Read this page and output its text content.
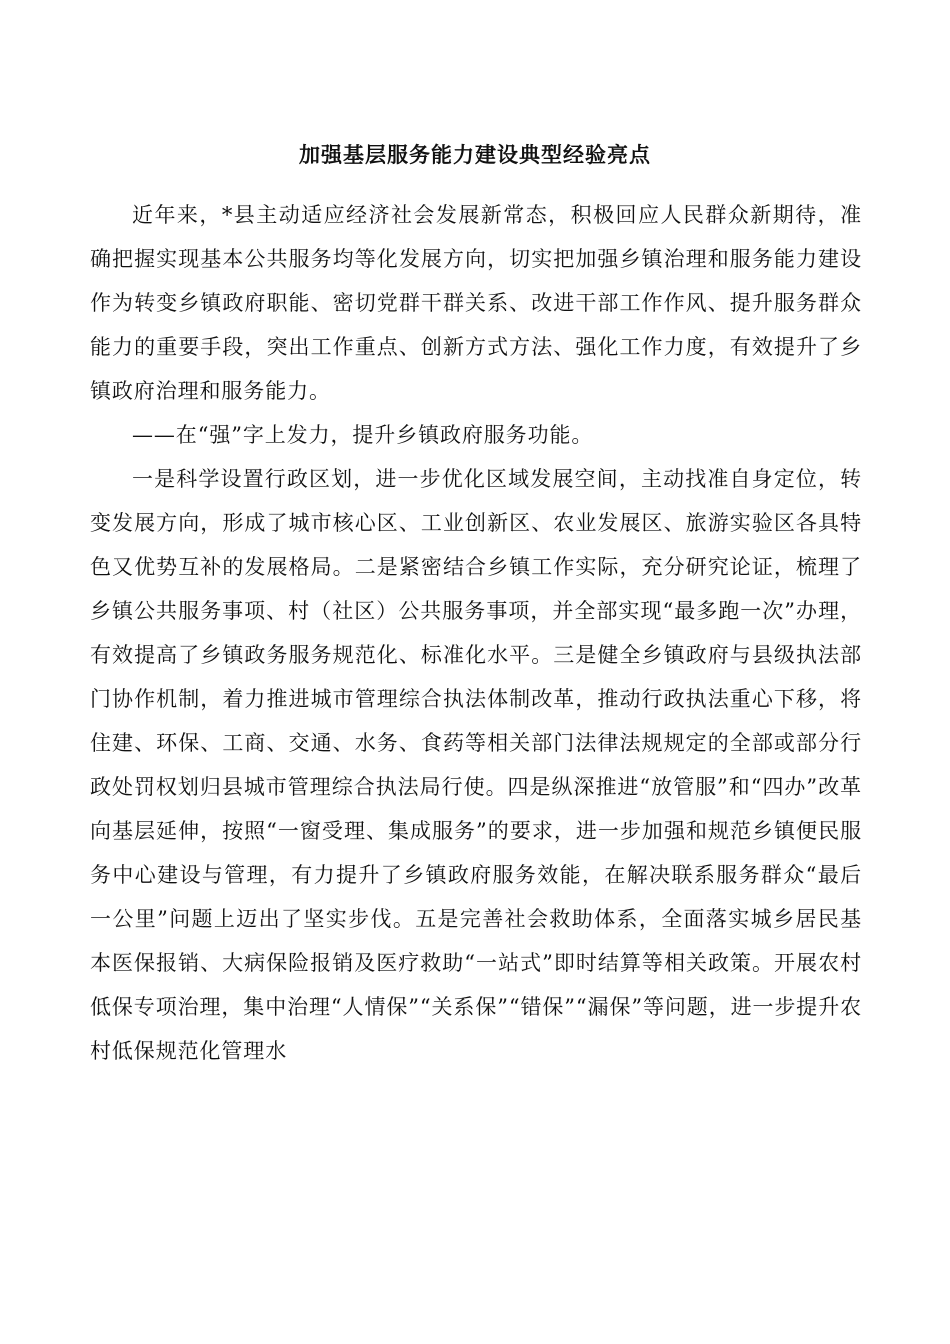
加强基层服务能力建设典型经验亮点

近年来，*县主动适应经济社会发展新常态，积极回应人民群众新期待，准确把握实现基本公共服务均等化发展方向，切实把加强乡镇治理和服务能力建设作为转变乡镇政府职能、密切党群干群关系、改进干部工作作风、提升服务群众能力的重要手段，突出工作重点、创新方式方法、强化工作力度，有效提升了乡镇政府治理和服务能力。

——在“强”字上发力，提升乡镇政府服务功能。

一是科学设置行政区划，进一步优化区域发展空间，主动找准自身定位，转变发展方向，形成了城市核心区、工业创新区、农业发展区、旅游实验区各具特色又优势互补的发展格局。二是紧密结合乡镇工作实际，充分研究论证，梳理了乡镇公共服务事项、村（社区）公共服务事项，并全部实现“最多跑一次”办理，有效提高了乡镇政务服务规范化、标准化水平。三是健全乡镇政府与县级执法部门协作机制，着力推进城市管理综合执法体制改革，推动行政执法重心下移，将住建、环保、工商、交通、水务、食药等相关部门法律法规规定的全部或部分行政处罚权划归县城市管理综合执法局行使。四是纵深推进“放管服”和“四办”改革向基层延伸，按照“一窗受理、集成服务”的要求，进一步加强和规范乡镇便民服务中心建设与管理，有力提升了乡镇政府服务效能，在解决联系服务群众“最后一公里”问题上迈出了坚实步伐。五是完善社会救助体系，全面落实城乡居民基本医保报销、大病保险报销及医疗救助“一站式”即时结算等相关政策。开展农村低保专项治理，集中治理“人情保”“关系保”“错保”“漏保”等问题，进一步提升农村低保规范化管理水
